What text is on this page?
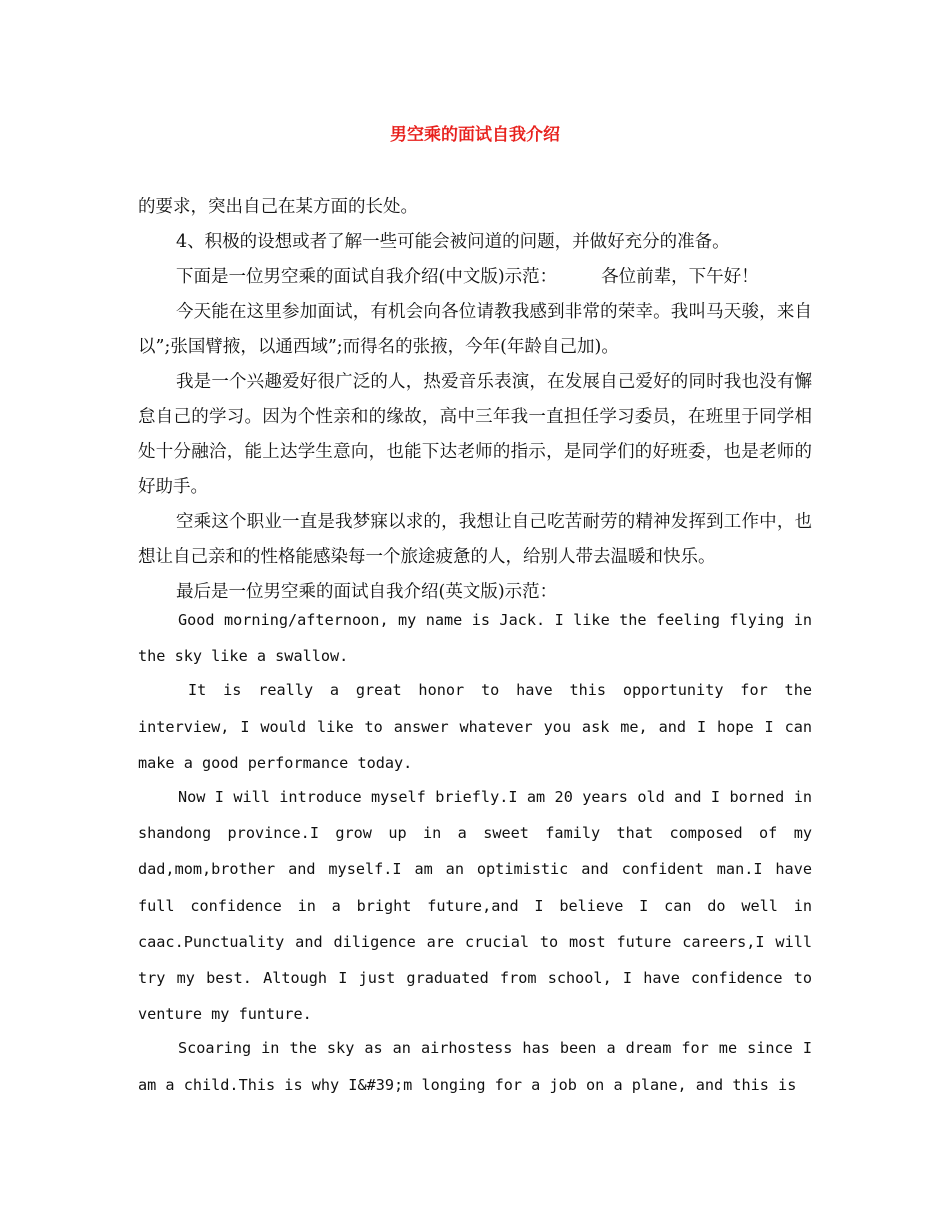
男空乘的面试自我介绍

的要求，突出自己在某方面的长处。

4、积极的设想或者了解一些可能会被问道的问题，并做好充分的准备。

下面是一位男空乘的面试自我介绍(中文版)示范：	各位前辈，下午好！

今天能在这里参加面试，有机会向各位请教我感到非常的荣幸。我叫马天骏，来自以”;张国臂掖，以通西域”;而得名的张掖，今年(年龄自己加)。

我是一个兴趣爱好很广泛的人，热爱音乐表演，在发展自己爱好的同时我也没有懈怠自己的学习。因为个性亲和的缘故，高中三年我一直担任学习委员，在班里于同学相处十分融洽，能上达学生意向，也能下达老师的指示，是同学们的好班委，也是老师的好助手。

空乘这个职业一直是我梦寐以求的，我想让自己吃苦耐劳的精神发挥到工作中，也想让自己亲和的性格能感染每一个旅途疲惫的人，给别人带去温暖和快乐。

最后是一位男空乘的面试自我介绍(英文版)示范：

Good morning/afternoon, my name is Jack. I like the feeling flying in the sky like a swallow.

It is really a great honor to have this opportunity for the interview, I would like to answer whatever you ask me, and I hope I can make a good performance today.

Now I will introduce myself briefly.I am 20 years old and I borned in shandong province.I grow up in a sweet family that composed of my dad,mom,brother and myself.I am an optimistic and confident man.I have full confidence in a bright future,and I believe I can do well in caac.Punctuality and diligence are crucial to most future careers,I will try my best. Altough I just graduated from school, I have confidence to venture my funture.

Scoaring in the sky as an airhostess has been a dream for me since I am a child.This is why I&#39;m longing for a job on a plane, and this is
